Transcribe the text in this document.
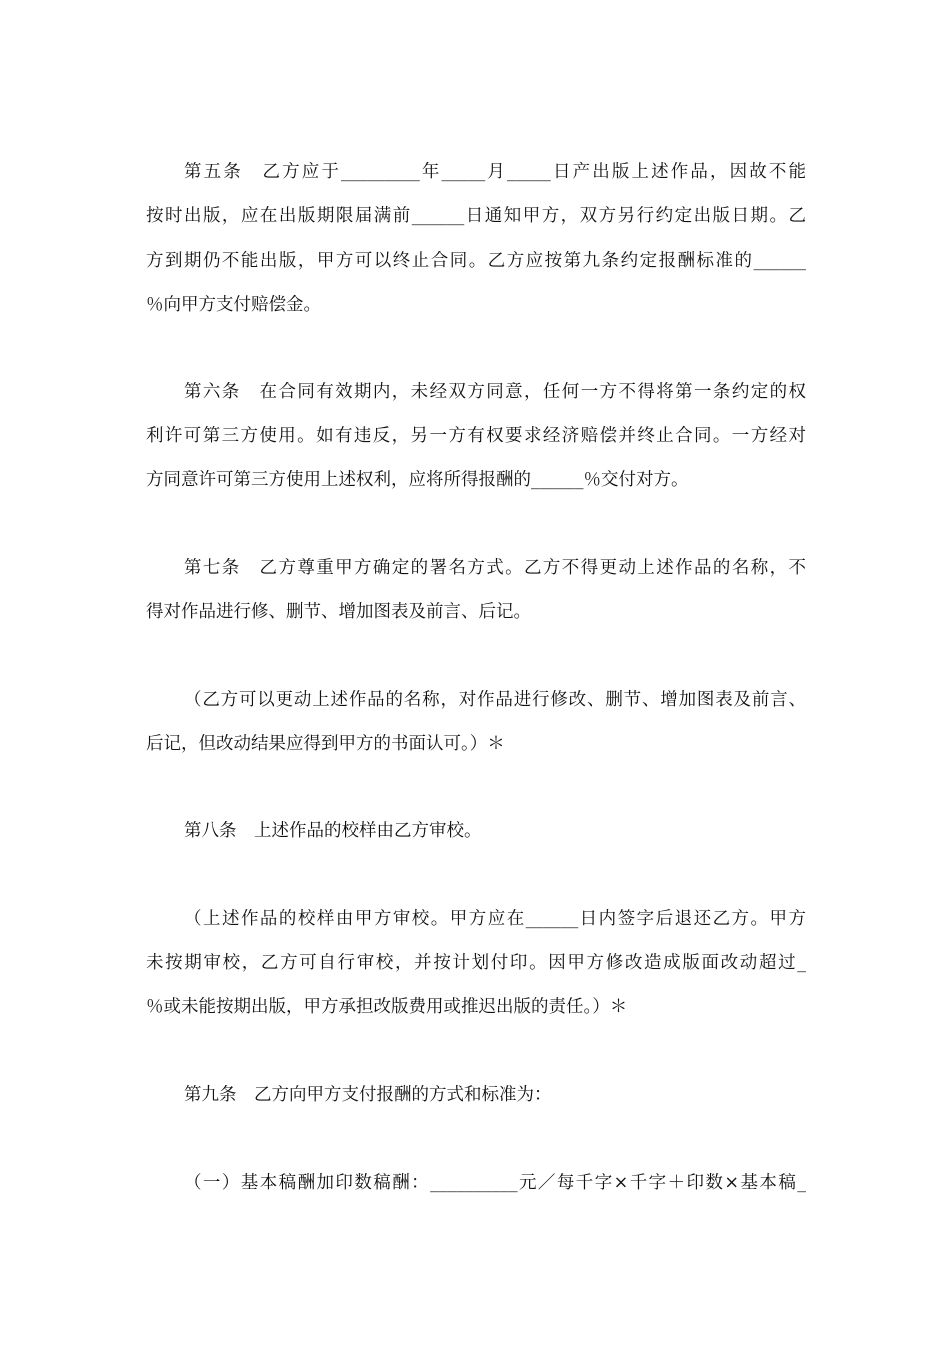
第五条　乙方应于_________年_____月_____日产出版上述作品，因故不能
按时出版，应在出版期限届满前______日通知甲方，双方另行约定出版日期。乙
方到期仍不能出版，甲方可以终止合同。乙方应按第九条约定报酬标准的______
％向甲方支付赔偿金。
第六条　在合同有效期内，未经双方同意，任何一方不得将第一条约定的权
利许可第三方使用。如有违反，另一方有权要求经济赔偿并终止合同。一方经对
方同意许可第三方使用上述权利，应将所得报酬的______％交付对方。
第七条　乙方尊重甲方确定的署名方式。乙方不得更动上述作品的名称，不
得对作品进行修、删节、增加图表及前言、后记。
（乙方可以更动上述作品的名称，对作品进行修改、删节、增加图表及前言、
后记，但改动结果应得到甲方的书面认可。）＊
第八条　上述作品的校样由乙方审校。
（上述作品的校样由甲方审校。甲方应在______日内签字后退还乙方。甲方
未按期审校，乙方可自行审校，并按计划付印。因甲方修改造成版面改动超过_
％或未能按期出版，甲方承担改版费用或推迟出版的责任。）＊
第九条　乙方向甲方支付报酬的方式和标准为：
（一）基本稿酬加印数稿酬：__________元／每千字×千字＋印数×基本稿_
